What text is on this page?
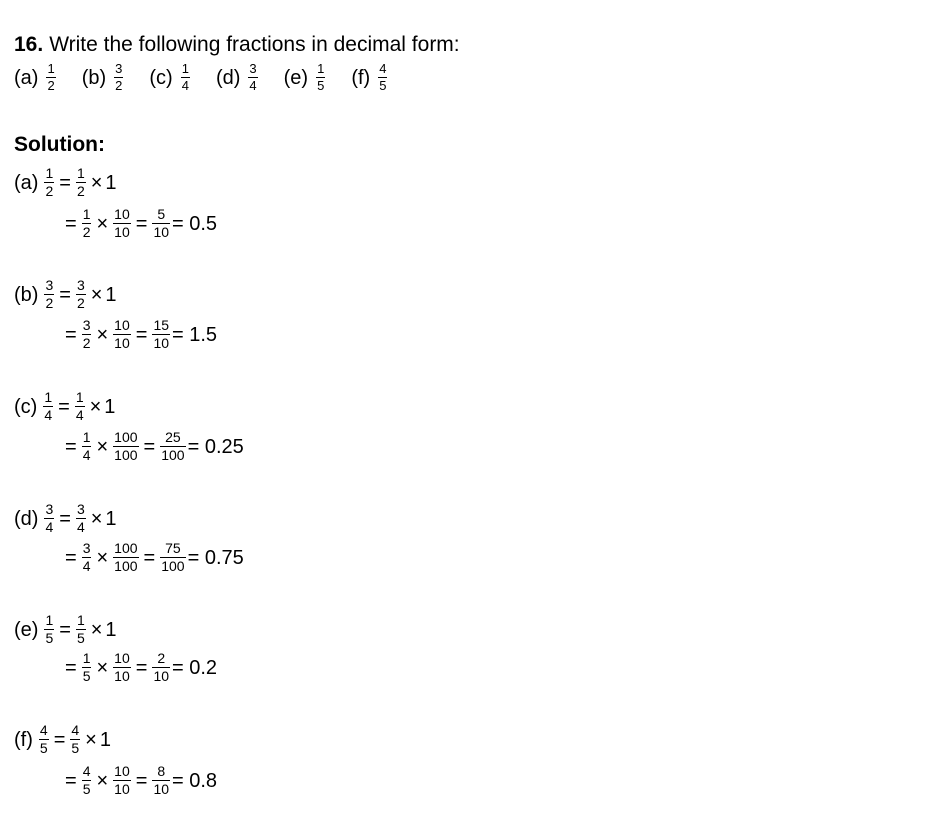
16. Write the following fractions in decimal form:
$(a) \frac{1}{2} (b) \frac{3}{2} (c) \frac{1}{4} (d) \frac{3}{4} (e) \frac{1}{5} (f) \frac{4}{5}$
Solution:
$(a) \frac{1}{2} = \frac{1}{2} \times 1$
= $\frac{1}{2} \times \frac{10}{10} = \frac{5}{10} = 0.5$
$(b) \frac{3}{2} = \frac{3}{2} \times 1$
= $\frac{3}{2} \times \frac{10}{10} = \frac{15}{10} = 1.5$
$(c) \frac{1}{4} = \frac{1}{4} \times 1$
= $\frac{1}{4} \times \frac{100}{100} = \frac{25}{100} = 0.25$
$(d) \frac{3}{4} = \frac{3}{4} \times 1$
= $\frac{3}{4} \times \frac{100}{100} = \frac{75}{100} = 0.75$
$(e) \frac{1}{5} = \frac{1}{5} \times 1$
= $\frac{1}{5} \times \frac{10}{10} = \frac{2}{10} = 0.2$
$(f) \frac{4}{5} = \frac{4}{5} \times 1$
= $\frac{4}{5} \times \frac{10}{10} = \frac{8}{10} = 0.8$
